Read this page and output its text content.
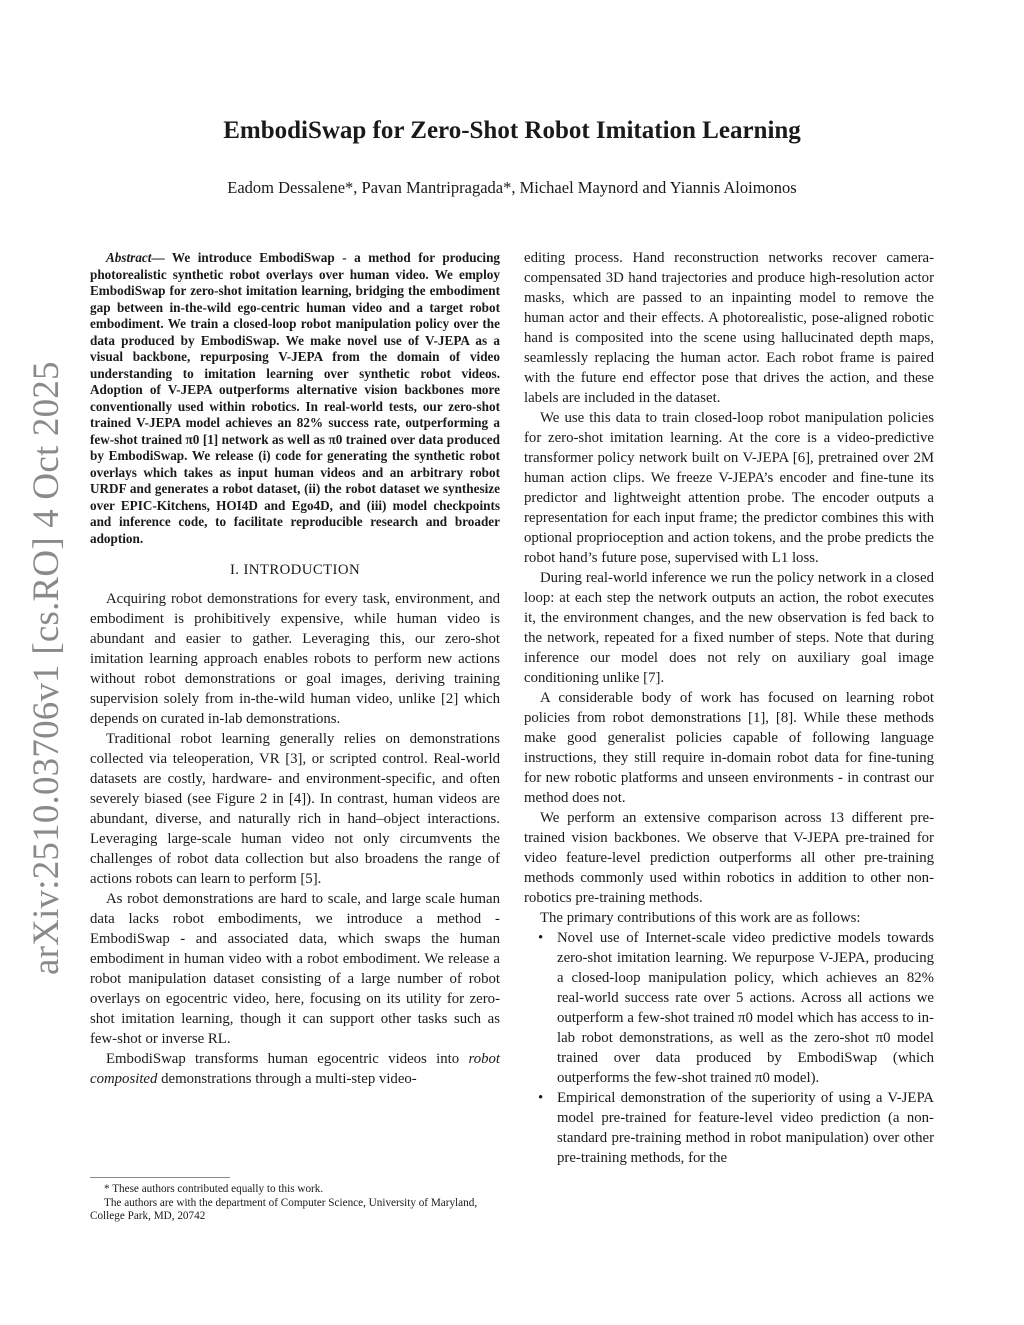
arXiv:2510.03706v1 [cs.RO] 4 Oct 2025
EmbodiSwap for Zero-Shot Robot Imitation Learning
Eadom Dessalene*, Pavan Mantripragada*, Michael Maynord and Yiannis Aloimonos

Abstract— We introduce EmbodiSwap - a method for producing photorealistic synthetic robot overlays over human video. We employ EmbodiSwap for zero-shot imitation learning, bridging the embodiment gap between in-the-wild ego-centric human video and a target robot embodiment. We train a closed-loop robot manipulation policy over the data produced by EmbodiSwap. We make novel use of V-JEPA as a visual backbone, repurposing V-JEPA from the domain of video understanding to imitation learning over synthetic robot videos. Adoption of V-JEPA outperforms alternative vision backbones more conventionally used within robotics. In real-world tests, our zero-shot trained V-JEPA model achieves an 82% success rate, outperforming a few-shot trained π0 [1] network as well as π0 trained over data produced by EmbodiSwap. We release (i) code for generating the synthetic robot overlays which takes as input human videos and an arbitrary robot URDF and generates a robot dataset, (ii) the robot dataset we synthesize over EPIC-Kitchens, HOI4D and Ego4D, and (iii) model checkpoints and inference code, to facilitate reproducible research and broader adoption.

I. INTRODUCTION

Acquiring robot demonstrations for every task, environment, and embodiment is prohibitively expensive, while human video is abundant and easier to gather. Leveraging this, our zero-shot imitation learning approach enables robots to perform new actions without robot demonstrations or goal images, deriving training supervision solely from in-the-wild human video, unlike [2] which depends on curated in-lab demonstrations.

Traditional robot learning generally relies on demonstrations collected via teleoperation, VR [3], or scripted control. Real-world datasets are costly, hardware- and environment-specific, and often severely biased (see Figure 2 in [4]). In contrast, human videos are abundant, diverse, and naturally rich in hand–object interactions. Leveraging large-scale human video not only circumvents the challenges of robot data collection but also broadens the range of actions robots can learn to perform [5].

As robot demonstrations are hard to scale, and large scale human data lacks robot embodiments, we introduce a method - EmbodiSwap - and associated data, which swaps the human embodiment in human video with a robot embodiment. We release a robot manipulation dataset consisting of a large number of robot overlays on egocentric video, here, focusing on its utility for zero-shot imitation learning, though it can support other tasks such as few-shot or inverse RL.

EmbodiSwap transforms human egocentric videos into robot composited demonstrations through a multi-step video-

* These authors contributed equally to this work.

The authors are with the department of Computer Science, University of Maryland, College Park, MD, 20742

editing process. Hand reconstruction networks recover camera-compensated 3D hand trajectories and produce high-resolution actor masks, which are passed to an inpainting model to remove the human actor and their effects. A photorealistic, pose-aligned robotic hand is composited into the scene using hallucinated depth maps, seamlessly replacing the human actor. Each robot frame is paired with the future end effector pose that drives the action, and these labels are included in the dataset.

We use this data to train closed-loop robot manipulation policies for zero-shot imitation learning. At the core is a video-predictive transformer policy network built on V-JEPA [6], pretrained over 2M human action clips. We freeze V-JEPA’s encoder and fine-tune its predictor and lightweight attention probe. The encoder outputs a representation for each input frame; the predictor combines this with optional proprioception and action tokens, and the probe predicts the robot hand’s future pose, supervised with L1 loss.

During real-world inference we run the policy network in a closed loop: at each step the network outputs an action, the robot executes it, the environment changes, and the new observation is fed back to the network, repeated for a fixed number of steps. Note that during inference our model does not rely on auxiliary goal image conditioning unlike [7].

A considerable body of work has focused on learning robot policies from robot demonstrations [1], [8]. While these methods make good generalist policies capable of following language instructions, they still require in-domain robot data for fine-tuning for new robotic platforms and unseen environments - in contrast our method does not.

We perform an extensive comparison across 13 different pre-trained vision backbones. We observe that V-JEPA pre-trained for video feature-level prediction outperforms all other pre-training methods commonly used within robotics in addition to other non-robotics pre-training methods.

The primary contributions of this work are as follows:

• Novel use of Internet-scale video predictive models towards zero-shot imitation learning. We repurpose V-JEPA, producing a closed-loop manipulation policy, which achieves an 82% real-world success rate over 5 actions. Across all actions we outperform a few-shot trained π0 model which has access to in-lab robot demonstrations, as well as the zero-shot π0 model trained over data produced by EmbodiSwap (which outperforms the few-shot trained π0 model).
• Empirical demonstration of the superiority of using a V-JEPA model pre-trained for feature-level video prediction (a non-standard pre-training method in robot manipulation) over other pre-training methods, for the
